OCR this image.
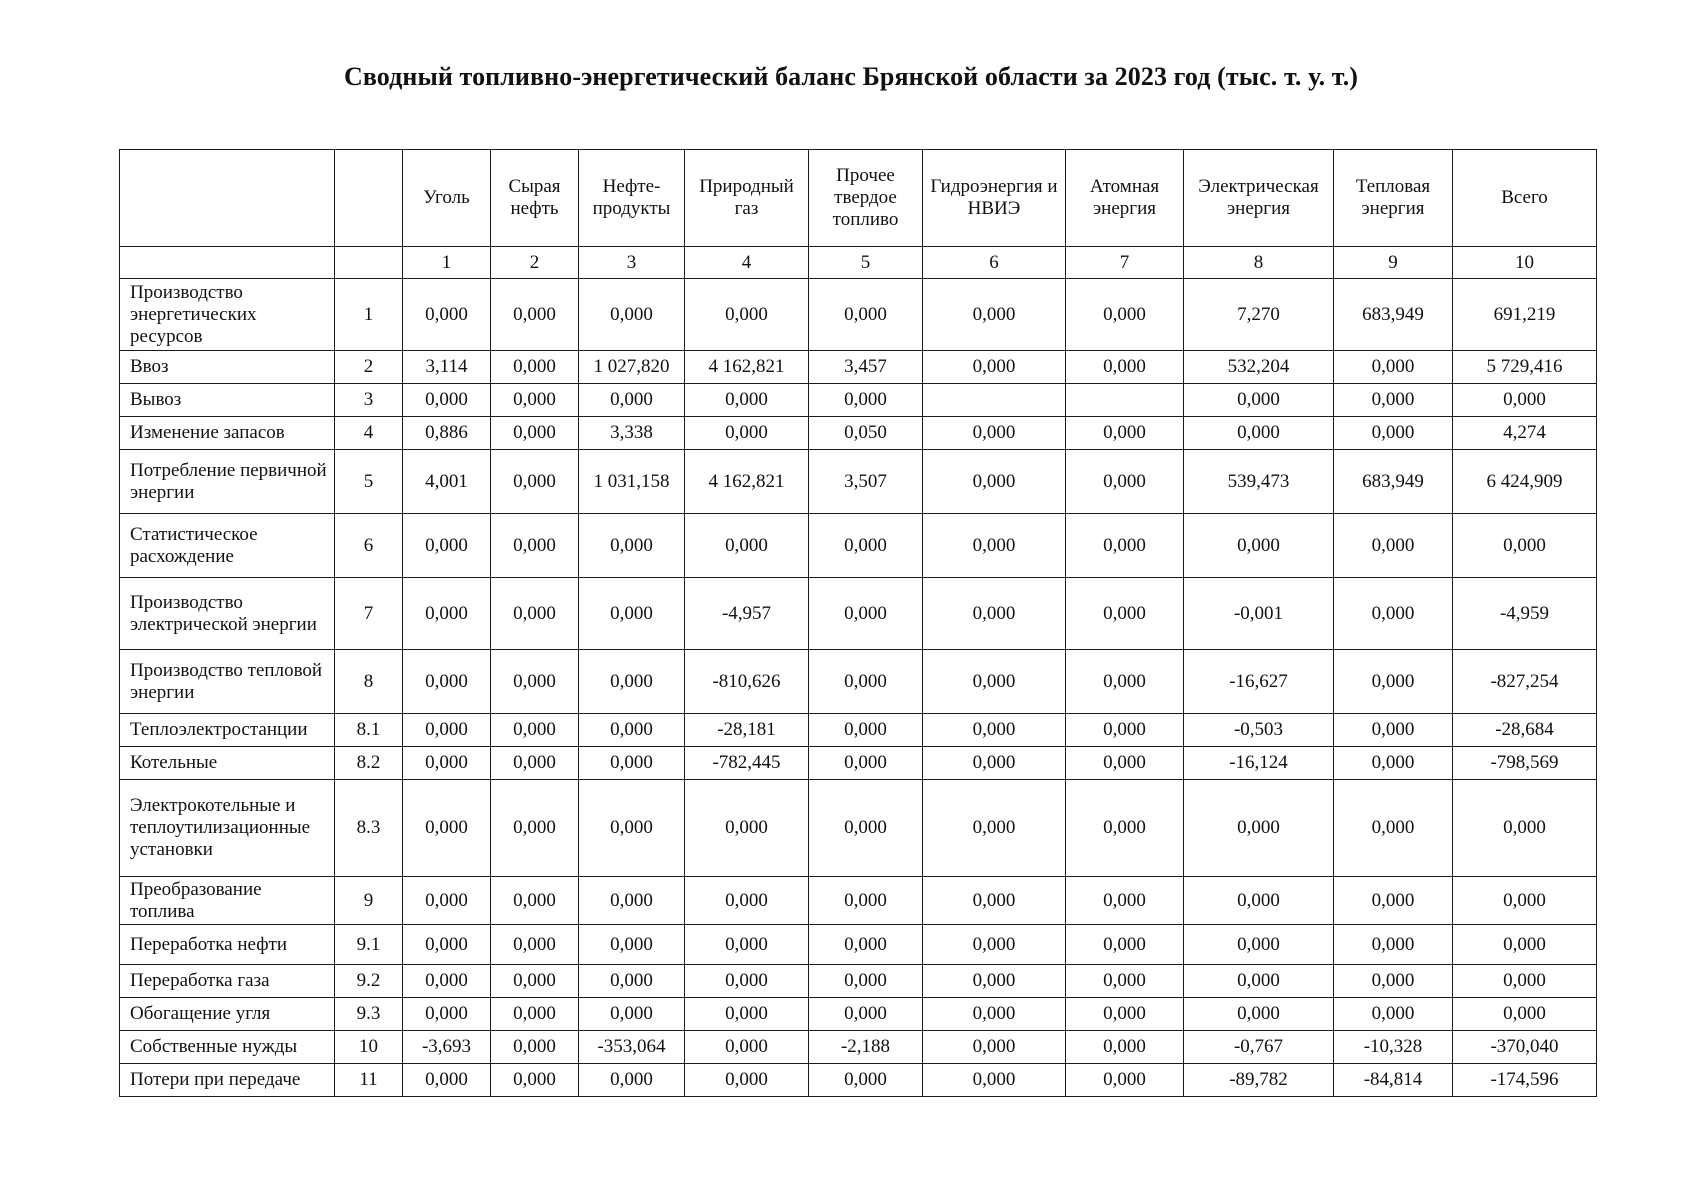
Сводный топливно-энергетический баланс Брянской области за 2023 год (тыс. т. у. т.)
		Уголь	Сырая нефть	Нефте-продукты	Природный газ	Прочее твердое топливо	Гидроэнергия и НВИЭ	Атомная энергия	Электрическая энергия	Тепловая энергия	Всего
		1	2	3	4	5	6	7	8	9	10
Производство энергетических ресурсов	1	0,000	0,000	0,000	0,000	0,000	0,000	0,000	7,270	683,949	691,219
Ввоз	2	3,114	0,000	1 027,820	4 162,821	3,457	0,000	0,000	532,204	0,000	5 729,416
Вывоз	3	0,000	0,000	0,000	0,000	0,000			0,000	0,000	0,000
Изменение запасов	4	0,886	0,000	3,338	0,000	0,050	0,000	0,000	0,000	0,000	4,274
Потребление первичной энергии	5	4,001	0,000	1 031,158	4 162,821	3,507	0,000	0,000	539,473	683,949	6 424,909
Статистическое расхождение	6	0,000	0,000	0,000	0,000	0,000	0,000	0,000	0,000	0,000	0,000
Производство электрической энергии	7	0,000	0,000	0,000	-4,957	0,000	0,000	0,000	-0,001	0,000	-4,959
Производство тепловой энергии	8	0,000	0,000	0,000	-810,626	0,000	0,000	0,000	-16,627	0,000	-827,254
Теплоэлектростанции	8.1	0,000	0,000	0,000	-28,181	0,000	0,000	0,000	-0,503	0,000	-28,684
Котельные	8.2	0,000	0,000	0,000	-782,445	0,000	0,000	0,000	-16,124	0,000	-798,569
Электрокотельные и теплоутилизационные установки	8.3	0,000	0,000	0,000	0,000	0,000	0,000	0,000	0,000	0,000	0,000
Преобразование топлива	9	0,000	0,000	0,000	0,000	0,000	0,000	0,000	0,000	0,000	0,000
Переработка нефти	9.1	0,000	0,000	0,000	0,000	0,000	0,000	0,000	0,000	0,000	0,000
Переработка газа	9.2	0,000	0,000	0,000	0,000	0,000	0,000	0,000	0,000	0,000	0,000
Обогащение угля	9.3	0,000	0,000	0,000	0,000	0,000	0,000	0,000	0,000	0,000	0,000
Собственные нужды	10	-3,693	0,000	-353,064	0,000	-2,188	0,000	0,000	-0,767	-10,328	-370,040
Потери при передаче	11	0,000	0,000	0,000	0,000	0,000	0,000	0,000	-89,782	-84,814	-174,596
